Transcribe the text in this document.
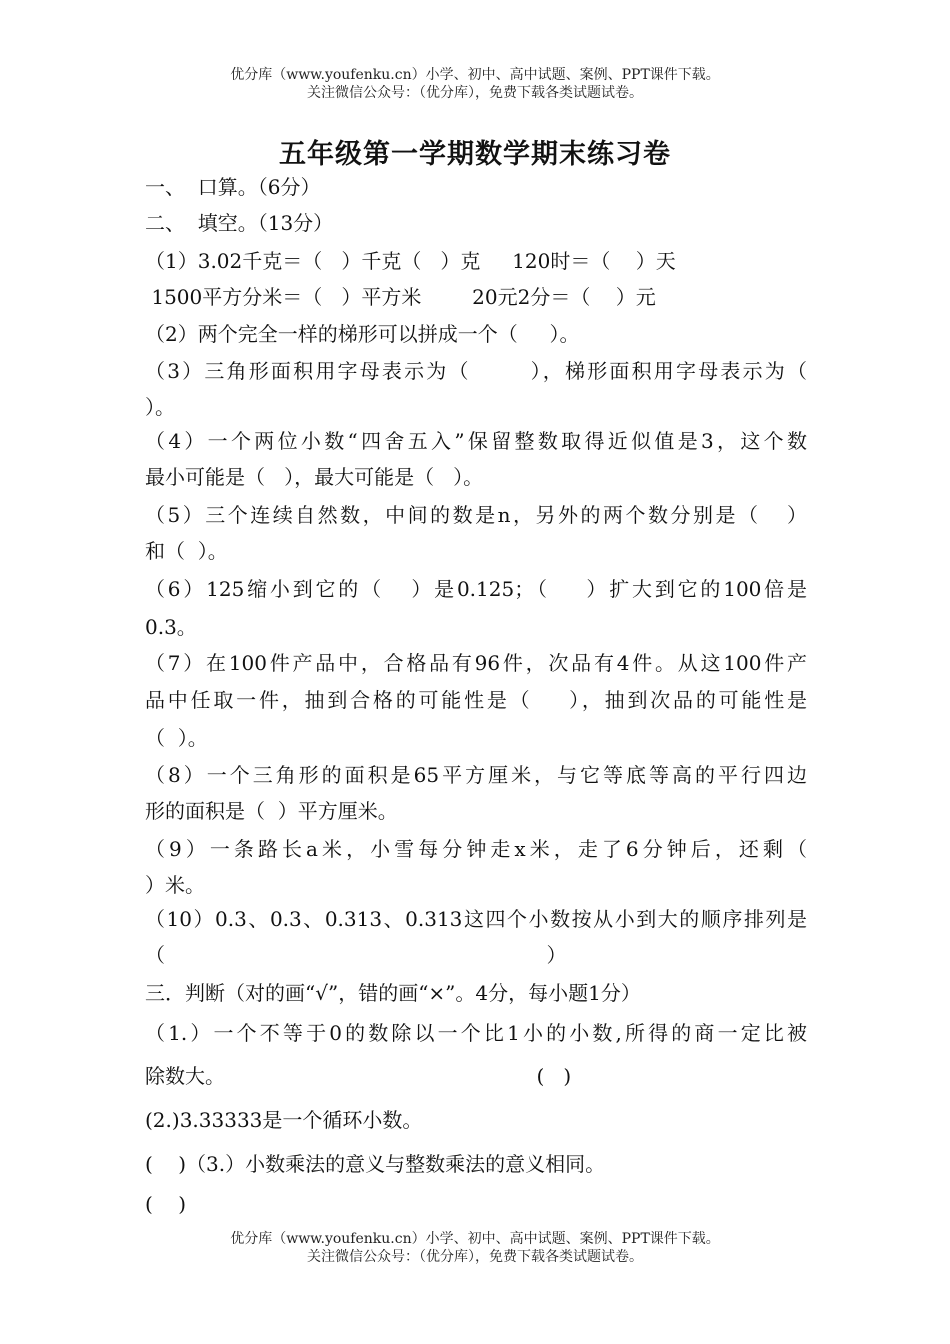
优分库（www.youfenku.cn）小学、初中、高中试题、案例、PPT课件下载。
关注微信公众号：（优分库），免费下载各类试题试卷。
五年级第一学期数学期末练习卷
一、  口算。（6分）
二、  填空。（13分）
（1）3.02千克＝（   ）千克（   ）克     120时＝（    ）天
1500平方分米＝（   ）平方米        20元2分＝（    ）元
（2）两个完全一样的梯形可以拼成一个（     ）。
（3）三角形面积用字母表示为（       ），梯形面积用字母表示为（
）。
（4）一个两位小数“四舍五入”保留整数取得近似值是3，这个数
最小可能是（   ），最大可能是（   ）。
（5）三个连续自然数，中间的数是n，另外的两个数分别是（   ）
和（  ）。
（6）125缩小到它的（   ）是0.125；（    ）扩大到它的100倍是
0.3。
（7）在100件产品中，合格品有96件，次品有4件。从这100件产
品中任取一件，抽到合格的可能性是（    ），抽到次品的可能性是
（  ）。
（8）一个三角形的面积是65平方厘米，与它等底等高的平行四边
形的面积是（  ）平方厘米。
（9）一条路长a米，小雪每分钟走x米，走了6分钟后，还剩（
）米。
（10）0.3、0.3、0.313、0.313这四个小数按从小到大的顺序排列是
（                                                            ）
三．判断（对的画“√”，错的画“×”。4分，每小题1分）
（1.）一个不等于0的数除以一个比1小的小数,所得的商一定比被
除数大。                                                 (   )
(2.)3.33333是一个循环小数。
(    )（3.）小数乘法的意义与整数乘法的意义相同。
(    )
优分库（www.youfenku.cn）小学、初中、高中试题、案例、PPT课件下载。
关注微信公众号：（优分库），免费下载各类试题试卷。
